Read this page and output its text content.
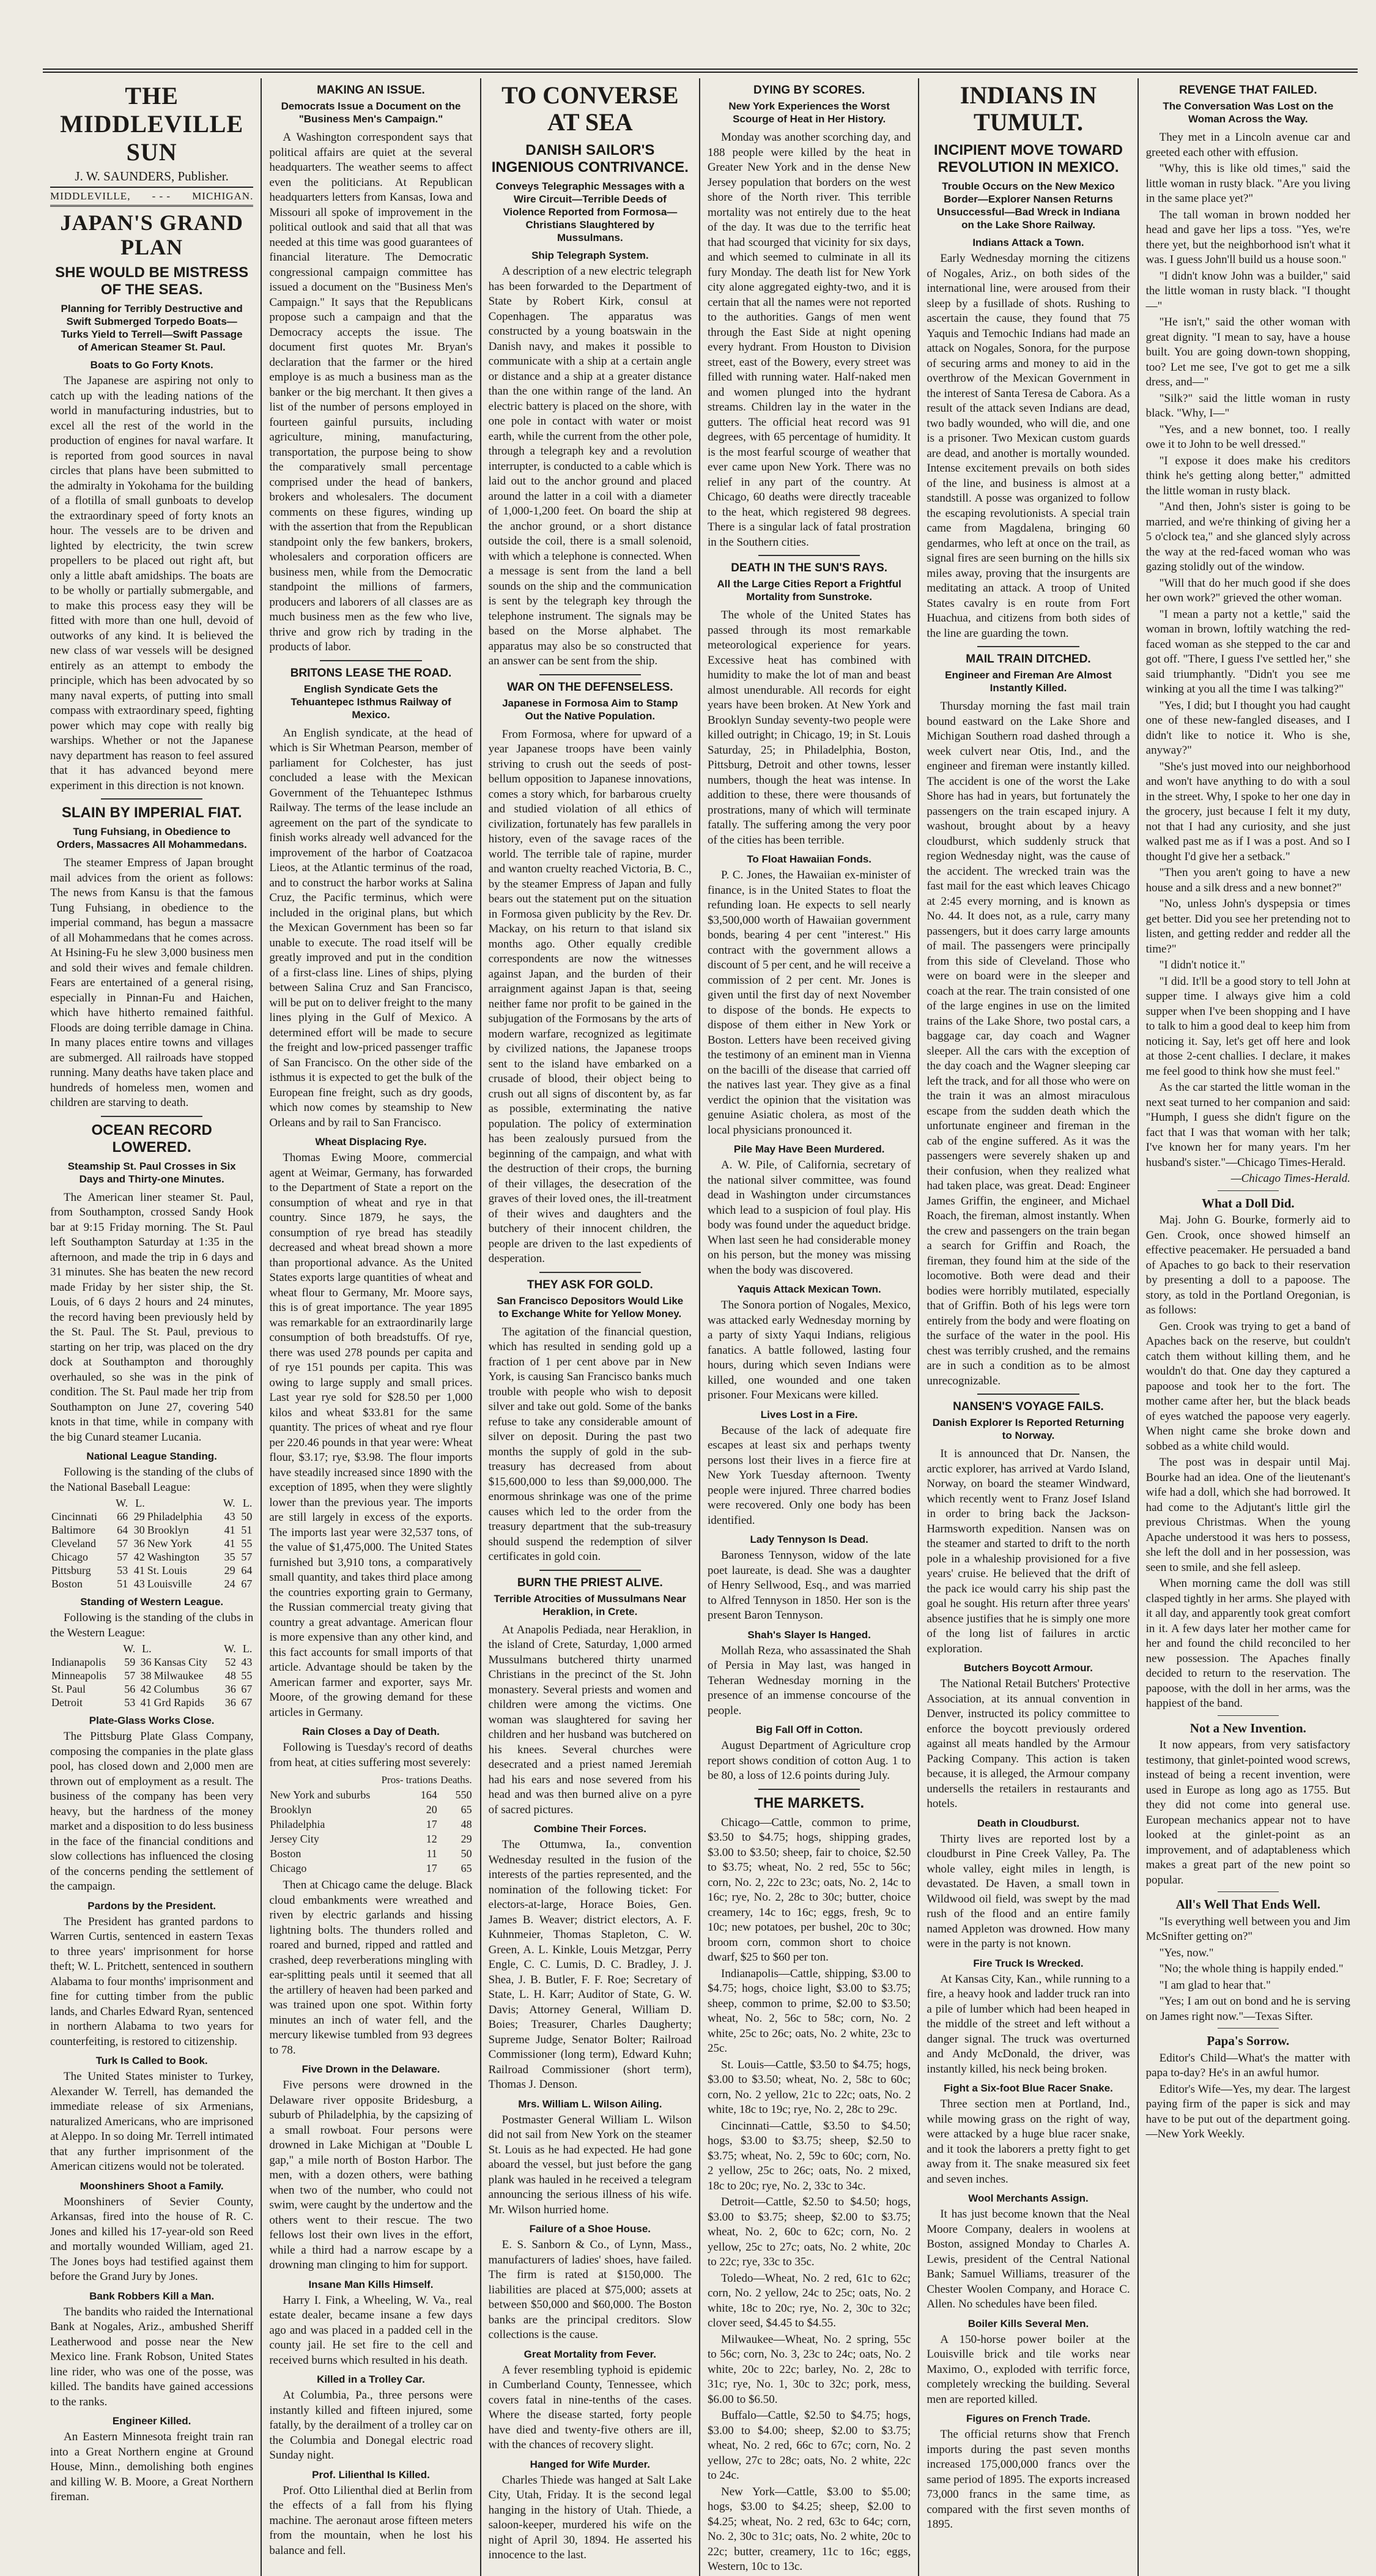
THE MIDDLEVILLE SUN
J. W. SAUNDERS, Publisher.
MIDDLEVILLE, - - - MICHIGAN.
JAPAN'S GRAND PLAN
SHE WOULD BE MISTRESS OF THE SEAS.
Planning for Terribly Destructive and Swift Submerged Torpedo Boats—Turks Yield to Terrell—Swift Passage of American Steamer St. Paul.
Boats to Go Forty Knots.

The Japanese are aspiring not only to catch up with the leading nations of the world in manufacturing industries, but to excel all the rest of the world in the production of engines for naval warfare. It is reported from good sources in naval circles that plans have been submitted to the admiralty in Yokohama for the building of a flotilla of small gunboats to develop the extraordinary speed of forty knots an hour. The vessels are to be driven and lighted by electricity, the twin screw propellers to be placed out right aft, but only a little abaft amidships. The boats are to be wholly or partially submergable, and to make this process easy they will be fitted with more than one hull, devoid of outworks of any kind. It is believed the new class of war vessels will be designed entirely as an attempt to embody the principle, which has been advocated by so many naval experts, of putting into small compass with extraordinary speed, fighting power which may cope with really big warships. Whether or not the Japanese navy department has reason to feel assured that it has advanced beyond mere experiment in this direction is not known.

SLAIN BY IMPERIAL FIAT.
Tung Fuhsiang, in Obedience to Orders, Massacres All Mohammedans.

The steamer Empress of Japan brought mail advices from the orient as follows: The news from Kansu is that the famous Tung Fuhsiang, in obedience to the imperial command, has begun a massacre of all Mohammedans that he comes across. At Hsining-Fu he slew 3,000 business men and sold their wives and female children. Fears are entertained of a general rising, especially in Pinnan-Fu and Haichen, which have hitherto remained faithful. Floods are doing terrible damage in China. In many places entire towns and villages are submerged. All railroads have stopped running. Many deaths have taken place and hundreds of homeless men, women and children are starving to death.

OCEAN RECORD LOWERED.
Steamship St. Paul Crosses in Six Days and Thirty-one Minutes.

The American liner steamer St. Paul, from Southampton, crossed Sandy Hook bar at 9:15 Friday morning. The St. Paul left Southampton Saturday at 1:35 in the afternoon, and made the trip in 6 days and 31 minutes. She has beaten the new record made Friday by her sister ship, the St. Louis, of 6 days 2 hours and 24 minutes, the record having been previously held by the St. Paul. The St. Paul, previous to starting on her trip, was placed on the dry dock at Southampton and thoroughly overhauled, so she was in the pink of condition. The St. Paul made her trip from Southampton on June 27, covering 540 knots in that time, while in company with the big Cunard steamer Lucania.

National League Standing.

Following is the standing of the clubs of the National Baseball League:

	W.	L.		W.	L.
Cincinnati	66	29	Philadelphia	43	50
Baltimore	64	30	Brooklyn	41	51
Cleveland	57	36	New York	41	55
Chicago	57	42	Washington	35	57
Pittsburg	53	41	St. Louis	29	64
Boston	51	43	Louisville	24	67
Standing of Western League.

Following is the standing of the clubs in the Western League:

	W.	L.		W.	L.
Indianapolis	59	36	Kansas City	52	43
Minneapolis	57	38	Milwaukee	48	55
St. Paul	56	42	Columbus	36	67
Detroit	53	41	Grd Rapids	36	67
Plate-Glass Works Close.

The Pittsburg Plate Glass Company, composing the companies in the plate glass pool, has closed down and 2,000 men are thrown out of employment as a result. The business of the company has been very heavy, but the hardness of the money market and a disposition to do less business in the face of the financial conditions and slow collections has influenced the closing of the concerns pending the settlement of the campaign.

Pardons by the President.

The President has granted pardons to Warren Curtis, sentenced in eastern Texas to three years' imprisonment for horse theft; W. L. Pritchett, sentenced in southern Alabama to four months' imprisonment and fine for cutting timber from the public lands, and Charles Edward Ryan, sentenced in northern Alabama to two years for counterfeiting, is restored to citizenship.

Turk Is Called to Book.

The United States minister to Turkey, Alexander W. Terrell, has demanded the immediate release of six Armenians, naturalized Americans, who are imprisoned at Aleppo. In so doing Mr. Terrell intimated that any further imprisonment of the American citizens would not be tolerated.

Moonshiners Shoot a Family.

Moonshiners of Sevier County, Arkansas, fired into the house of R. C. Jones and killed his 17-year-old son Reed and mortally wounded William, aged 21. The Jones boys had testified against them before the Grand Jury by Jones.

Bank Robbers Kill a Man.

The bandits who raided the International Bank at Nogales, Ariz., ambushed Sheriff Leatherwood and posse near the New Mexico line. Frank Robson, United States line rider, who was one of the posse, was killed. The bandits have gained accessions to the ranks.

Engineer Killed.

An Eastern Minnesota freight train ran into a Great Northern engine at Ground House, Minn., demolishing both engines and killing W. B. Moore, a Great Northern fireman.

MAKING AN ISSUE.
Democrats Issue a Document on the "Business Men's Campaign."

A Washington correspondent says that political affairs are quiet at the several headquarters. The weather seems to affect even the politicians. At Republican headquarters letters from Kansas, Iowa and Missouri all spoke of improvement in the political outlook and said that all that was needed at this time was good guarantees of financial literature. The Democratic congressional campaign committee has issued a document on the "Business Men's Campaign." It says that the Republicans propose such a campaign and that the Democracy accepts the issue. The document first quotes Mr. Bryan's declaration that the farmer or the hired employe is as much a business man as the banker or the big merchant. It then gives a list of the number of persons employed in fourteen gainful pursuits, including agriculture, mining, manufacturing, transportation, the purpose being to show the comparatively small percentage comprised under the head of bankers, brokers and wholesalers. The document comments on these figures, winding up with the assertion that from the Republican standpoint only the few bankers, brokers, wholesalers and corporation officers are business men, while from the Democratic standpoint the millions of farmers, producers and laborers of all classes are as much business men as the few who live, thrive and grow rich by trading in the products of labor.

BRITONS LEASE THE ROAD.
English Syndicate Gets the Tehuantepec Isthmus Railway of Mexico.

An English syndicate, at the head of which is Sir Whetman Pearson, member of parliament for Colchester, has just concluded a lease with the Mexican Government of the Tehuantepec Isthmus Railway. The terms of the lease include an agreement on the part of the syndicate to finish works already well advanced for the improvement of the harbor of Coatzacoa Lieos, at the Atlantic terminus of the road, and to construct the harbor works at Salina Cruz, the Pacific terminus, which were included in the original plans, but which the Mexican Government has been so far unable to execute. The road itself will be greatly improved and put in the condition of a first-class line. Lines of ships, plying between Salina Cruz and San Francisco, will be put on to deliver freight to the many lines plying in the Gulf of Mexico. A determined effort will be made to secure the freight and low-priced passenger traffic of San Francisco. On the other side of the isthmus it is expected to get the bulk of the European fine freight, such as dry goods, which now comes by steamship to New Orleans and by rail to San Francisco.

Wheat Displacing Rye.

Thomas Ewing Moore, commercial agent at Weimar, Germany, has forwarded to the Department of State a report on the consumption of wheat and rye in that country. Since 1879, he says, the consumption of rye bread has steadily decreased and wheat bread shown a more than proportional advance. As the United States exports large quantities of wheat and wheat flour to Germany, Mr. Moore says, this is of great importance. The year 1895 was remarkable for an extraordinarily large consumption of both breadstuffs. Of rye, there was used 278 pounds per capita and of rye 151 pounds per capita. This was owing to large supply and small prices. Last year rye sold for $28.50 per 1,000 kilos and wheat $33.81 for the same quantity. The prices of wheat and rye flour per 220.46 pounds in that year were: Wheat flour, $3.17; rye, $3.98. The flour imports have steadily increased since 1890 with the exception of 1895, when they were slightly lower than the previous year. The imports are still largely in excess of the exports. The imports last year were 32,537 tons, of the value of $1,475,000. The United States furnished but 3,910 tons, a comparatively small quantity, and takes third place among the countries exporting grain to Germany, the Russian commercial treaty giving that country a great advantage. American flour is more expensive than any other kind, and this fact accounts for small imports of that article. Advantage should be taken by the American farmer and exporter, says Mr. Moore, of the growing demand for these articles in Germany.

Rain Closes a Day of Death.

Following is Tuesday's record of deaths from heat, at cities suffering most severely:

	Pros- trations	Deaths.
New York and suburbs	164	550
Brooklyn	20	65
Philadelphia	17	48
Jersey City	12	29
Boston	11	50
Chicago	17	65

Then at Chicago came the deluge. Black cloud embankments were wreathed and riven by electric garlands and hissing lightning bolts. The thunders rolled and roared and burned, ripped and rattled and crashed, deep reverberations mingling with ear-splitting peals until it seemed that all the artillery of heaven had been parked and was trained upon one spot. Within forty minutes an inch of water fell, and the mercury likewise tumbled from 93 degrees to 78.

Five Drown in the Delaware.

Five persons were drowned in the Delaware river opposite Bridesburg, a suburb of Philadelphia, by the capsizing of a small rowboat. Four persons were drowned in Lake Michigan at "Double L gap," a mile north of Boston Harbor. The men, with a dozen others, were bathing when two of the number, who could not swim, were caught by the undertow and the others went to their rescue. The two fellows lost their own lives in the effort, while a third had a narrow escape by a drowning man clinging to him for support.

Insane Man Kills Himself.

Harry I. Fink, a Wheeling, W. Va., real estate dealer, became insane a few days ago and was placed in a padded cell in the county jail. He set fire to the cell and received burns which resulted in his death.

Killed in a Trolley Car.

At Columbia, Pa., three persons were instantly killed and fifteen injured, some fatally, by the derailment of a trolley car on the Columbia and Donegal electric road Sunday night.

Prof. Lilienthal Is Killed.

Prof. Otto Lilienthal died at Berlin from the effects of a fall from his flying machine. The aeronaut arose fifteen meters from the mountain, when he lost his balance and fell.

TO CONVERSE AT SEA
DANISH SAILOR'S INGENIOUS CONTRIVANCE.
Conveys Telegraphic Messages with a Wire Circuit—Terrible Deeds of Violence Reported from Formosa—Christians Slaughtered by Mussulmans.
Ship Telegraph System.

A description of a new electric telegraph has been forwarded to the Department of State by Robert Kirk, consul at Copenhagen. The apparatus was constructed by a young boatswain in the Danish navy, and makes it possible to communicate with a ship at a certain angle or distance and a ship at a greater distance than the one within range of the land. An electric battery is placed on the shore, with one pole in contact with water or moist earth, while the current from the other pole, through a telegraph key and a revolution interrupter, is conducted to a cable which is laid out to the anchor ground and placed around the latter in a coil with a diameter of 1,000-1,200 feet. On board the ship at the anchor ground, or a short distance outside the coil, there is a small solenoid, with which a telephone is connected. When a message is sent from the land a bell sounds on the ship and the communication is sent by the telegraph key through the telephone instrument. The signals may be based on the Morse alphabet. The apparatus may also be so constructed that an answer can be sent from the ship.

WAR ON THE DEFENSELESS.
Japanese in Formosa Aim to Stamp Out the Native Population.

From Formosa, where for upward of a year Japanese troops have been vainly striving to crush out the seeds of post-bellum opposition to Japanese innovations, comes a story which, for barbarous cruelty and studied violation of all ethics of civilization, fortunately has few parallels in history, even of the savage races of the world. The terrible tale of rapine, murder and wanton cruelty reached Victoria, B. C., by the steamer Empress of Japan and fully bears out the statement put on the situation in Formosa given publicity by the Rev. Dr. Mackay, on his return to that island six months ago. Other equally credible correspondents are now the witnesses against Japan, and the burden of their arraignment against Japan is that, seeing neither fame nor profit to be gained in the subjugation of the Formosans by the arts of modern warfare, recognized as legitimate by civilized nations, the Japanese troops sent to the island have embarked on a crusade of blood, their object being to crush out all signs of discontent by, as far as possible, exterminating the native population. The policy of extermination has been zealously pursued from the beginning of the campaign, and what with the destruction of their crops, the burning of their villages, the desecration of the graves of their loved ones, the ill-treatment of their wives and daughters and the butchery of their innocent children, the people are driven to the last expedients of desperation.

THEY ASK FOR GOLD.
San Francisco Depositors Would Like to Exchange White for Yellow Money.

The agitation of the financial question, which has resulted in sending gold up a fraction of 1 per cent above par in New York, is causing San Francisco banks much trouble with people who wish to deposit silver and take out gold. Some of the banks refuse to take any considerable amount of silver on deposit. During the past two months the supply of gold in the sub-treasury has decreased from about $15,600,000 to less than $9,000,000. The enormous shrinkage was one of the prime causes which led to the order from the treasury department that the sub-treasury should suspend the redemption of silver certificates in gold coin.

BURN THE PRIEST ALIVE.
Terrible Atrocities of Mussulmans Near Heraklion, in Crete.

At Anapolis Pediada, near Heraklion, in the island of Crete, Saturday, 1,000 armed Mussulmans butchered thirty unarmed Christians in the precinct of the St. John monastery. Several priests and women and children were among the victims. One woman was slaughtered for saving her children and her husband was butchered on his knees. Several churches were desecrated and a priest named Jeremiah had his ears and nose severed from his head and was then burned alive on a pyre of sacred pictures.

Combine Their Forces.

The Ottumwa, Ia., convention Wednesday resulted in the fusion of the interests of the parties represented, and the nomination of the following ticket: For electors-at-large, Horace Boies, Gen. James B. Weaver; district electors, A. F. Kuhnmeier, Thomas Stapleton, C. W. Green, A. L. Kinkle, Louis Metzgar, Perry Engle, C. C. Lumis, D. C. Bradley, J. J. Shea, J. B. Butler, F. F. Roe; Secretary of State, L. H. Karr; Auditor of State, G. W. Davis; Attorney General, William D. Boies; Treasurer, Charles Daugherty; Supreme Judge, Senator Bolter; Railroad Commissioner (long term), Edward Kuhn; Railroad Commissioner (short term), Thomas J. Denson.

Mrs. William L. Wilson Ailing.

Postmaster General William L. Wilson did not sail from New York on the steamer St. Louis as he had expected. He had gone aboard the vessel, but just before the gang plank was hauled in he received a telegram announcing the serious illness of his wife. Mr. Wilson hurried home.

Failure of a Shoe House.

E. S. Sanborn & Co., of Lynn, Mass., manufacturers of ladies' shoes, have failed. The firm is rated at $150,000. The liabilities are placed at $75,000; assets at between $50,000 and $60,000. The Boston banks are the principal creditors. Slow collections is the cause.

Great Mortality from Fever.

A fever resembling typhoid is epidemic in Cumberland County, Tennessee, which covers fatal in nine-tenths of the cases. Where the disease started, forty people have died and twenty-five others are ill, with the chances of recovery slight.

Hanged for Wife Murder.

Charles Thiede was hanged at Salt Lake City, Utah, Friday. It is the second legal hanging in the history of Utah. Thiede, a saloon-keeper, murdered his wife on the night of April 30, 1894. He asserted his innocence to the last.

DYING BY SCORES.
New York Experiences the Worst Scourge of Heat in Her History.

Monday was another scorching day, and 188 people were killed by the heat in Greater New York and in the dense New Jersey population that borders on the west shore of the North river. This terrible mortality was not entirely due to the heat of the day. It was due to the terrific heat that had scourged that vicinity for six days, and which seemed to culminate in all its fury Monday. The death list for New York city alone aggregated eighty-two, and it is certain that all the names were not reported to the authorities. Gangs of men went through the East Side at night opening every hydrant. From Houston to Division street, east of the Bowery, every street was filled with running water. Half-naked men and women plunged into the hydrant streams. Children lay in the water in the gutters. The official heat record was 91 degrees, with 65 percentage of humidity. It is the most fearful scourge of weather that ever came upon New York. There was no relief in any part of the country. At Chicago, 60 deaths were directly traceable to the heat, which registered 98 degrees. There is a singular lack of fatal prostration in the Southern cities.

DEATH IN THE SUN'S RAYS.
All the Large Cities Report a Frightful Mortality from Sunstroke.

The whole of the United States has passed through its most remarkable meteorological experience for years. Excessive heat has combined with humidity to make the lot of man and beast almost unendurable. All records for eight years have been broken. At New York and Brooklyn Sunday seventy-two people were killed outright; in Chicago, 19; in St. Louis Saturday, 25; in Philadelphia, Boston, Pittsburg, Detroit and other towns, lesser numbers, though the heat was intense. In addition to these, there were thousands of prostrations, many of which will terminate fatally. The suffering among the very poor of the cities has been terrible.

To Float Hawaiian Fonds.

P. C. Jones, the Hawaiian ex-minister of finance, is in the United States to float the refunding loan. He expects to sell nearly $3,500,000 worth of Hawaiian government bonds, bearing 4 per cent "interest." His contract with the government allows a discount of 5 per cent, and he will receive a commission of 2 per cent. Mr. Jones is given until the first day of next November to dispose of the bonds. He expects to dispose of them either in New York or Boston. Letters have been received giving the testimony of an eminent man in Vienna on the bacilli of the disease that carried off the natives last year. They give as a final verdict the opinion that the visitation was genuine Asiatic cholera, as most of the local physicians pronounced it.

Pile May Have Been Murdered.

A. W. Pile, of California, secretary of the national silver committee, was found dead in Washington under circumstances which lead to a suspicion of foul play. His body was found under the aqueduct bridge. When last seen he had considerable money on his person, but the money was missing when the body was discovered.

Yaquis Attack Mexican Town.

The Sonora portion of Nogales, Mexico, was attacked early Wednesday morning by a party of sixty Yaqui Indians, religious fanatics. A battle followed, lasting four hours, during which seven Indians were killed, one wounded and one taken prisoner. Four Mexicans were killed.

Lives Lost in a Fire.

Because of the lack of adequate fire escapes at least six and perhaps twenty persons lost their lives in a fierce fire at New York Tuesday afternoon. Twenty people were injured. Three charred bodies were recovered. Only one body has been identified.

Lady Tennyson Is Dead.

Baroness Tennyson, widow of the late poet laureate, is dead. She was a daughter of Henry Sellwood, Esq., and was married to Alfred Tennyson in 1850. Her son is the present Baron Tennyson.

Shah's Slayer Is Hanged.

Mollah Reza, who assassinated the Shah of Persia in May last, was hanged in Teheran Wednesday morning in the presence of an immense concourse of the people.

Big Fall Off in Cotton.

August Department of Agriculture crop report shows condition of cotton Aug. 1 to be 80, a loss of 12.6 points during July.

THE MARKETS.

Chicago—Cattle, common to prime, $3.50 to $4.75; hogs, shipping grades, $3.00 to $3.50; sheep, fair to choice, $2.50 to $3.75; wheat, No. 2 red, 55c to 56c; corn, No. 2, 22c to 23c; oats, No. 2, 14c to 16c; rye, No. 2, 28c to 30c; butter, choice creamery, 14c to 16c; eggs, fresh, 9c to 10c; new potatoes, per bushel, 20c to 30c; broom corn, common short to choice dwarf, $25 to $60 per ton.

Indianapolis—Cattle, shipping, $3.00 to $4.75; hogs, choice light, $3.00 to $3.75; sheep, common to prime, $2.00 to $3.50; wheat, No. 2, 56c to 58c; corn, No. 2 white, 25c to 26c; oats, No. 2 white, 23c to 25c.

St. Louis—Cattle, $3.50 to $4.75; hogs, $3.00 to $3.50; wheat, No. 2, 58c to 60c; corn, No. 2 yellow, 21c to 22c; oats, No. 2 white, 18c to 19c; rye, No. 2, 28c to 29c.

Cincinnati—Cattle, $3.50 to $4.50; hogs, $3.00 to $3.75; sheep, $2.50 to $3.75; wheat, No. 2, 59c to 60c; corn, No. 2 yellow, 25c to 26c; oats, No. 2 mixed, 18c to 20c; rye, No. 2, 33c to 34c.

Detroit—Cattle, $2.50 to $4.50; hogs, $3.00 to $3.75; sheep, $2.00 to $3.75; wheat, No. 2, 60c to 62c; corn, No. 2 yellow, 25c to 27c; oats, No. 2 white, 20c to 22c; rye, 33c to 35c.

Toledo—Wheat, No. 2 red, 61c to 62c; corn, No. 2 yellow, 24c to 25c; oats, No. 2 white, 18c to 20c; rye, No. 2, 30c to 32c; clover seed, $4.45 to $4.55.

Milwaukee—Wheat, No. 2 spring, 55c to 56c; corn, No. 3, 23c to 24c; oats, No. 2 white, 20c to 22c; barley, No. 2, 28c to 31c; rye, No. 1, 30c to 32c; pork, mess, $6.00 to $6.50.

Buffalo—Cattle, $2.50 to $4.75; hogs, $3.00 to $4.00; sheep, $2.00 to $3.75; wheat, No. 2 red, 66c to 67c; corn, No. 2 yellow, 27c to 28c; oats, No. 2 white, 22c to 24c.

New York—Cattle, $3.00 to $5.00; hogs, $3.00 to $4.25; sheep, $2.00 to $4.25; wheat, No. 2 red, 63c to 64c; corn, No. 2, 30c to 31c; oats, No. 2 white, 20c to 22c; butter, creamery, 11c to 16c; eggs, Western, 10c to 13c.

INDIANS IN TUMULT.
INCIPIENT MOVE TOWARD REVOLUTION IN MEXICO.
Trouble Occurs on the New Mexico Border—Explorer Nansen Returns Unsuccessful—Bad Wreck in Indiana on the Lake Shore Railway.
Indians Attack a Town.

Early Wednesday morning the citizens of Nogales, Ariz., on both sides of the international line, were aroused from their sleep by a fusillade of shots. Rushing to ascertain the cause, they found that 75 Yaquis and Temochic Indians had made an attack on Nogales, Sonora, for the purpose of securing arms and money to aid in the overthrow of the Mexican Government in the interest of Santa Teresa de Cabora. As a result of the attack seven Indians are dead, two badly wounded, who will die, and one is a prisoner. Two Mexican custom guards are dead, and another is mortally wounded. Intense excitement prevails on both sides of the line, and business is almost at a standstill. A posse was organized to follow the escaping revolutionists. A special train came from Magdalena, bringing 60 gendarmes, who left at once on the trail, as signal fires are seen burning on the hills six miles away, proving that the insurgents are meditating an attack. A troop of United States cavalry is en route from Fort Huachua, and citizens from both sides of the line are guarding the town.

MAIL TRAIN DITCHED.
Engineer and Fireman Are Almost Instantly Killed.

Thursday morning the fast mail train bound eastward on the Lake Shore and Michigan Southern road dashed through a week culvert near Otis, Ind., and the engineer and fireman were instantly killed. The accident is one of the worst the Lake Shore has had in years, but fortunately the passengers on the train escaped injury. A washout, brought about by a heavy cloudburst, which suddenly struck that region Wednesday night, was the cause of the accident. The wrecked train was the fast mail for the east which leaves Chicago at 2:45 every morning, and is known as No. 44. It does not, as a rule, carry many passengers, but it does carry large amounts of mail. The passengers were principally from this side of Cleveland. Those who were on board were in the sleeper and coach at the rear. The train consisted of one of the large engines in use on the limited trains of the Lake Shore, two postal cars, a baggage car, day coach and Wagner sleeper. All the cars with the exception of the day coach and the Wagner sleeping car left the track, and for all those who were on the train it was an almost miraculous escape from the sudden death which the unfortunate engineer and fireman in the cab of the engine suffered. As it was the passengers were severely shaken up and their confusion, when they realized what had taken place, was great. Dead: Engineer James Griffin, the engineer, and Michael Roach, the fireman, almost instantly. When the crew and passengers on the train began a search for Griffin and Roach, the fireman, they found him at the side of the locomotive. Both were dead and their bodies were horribly mutilated, especially that of Griffin. Both of his legs were torn entirely from the body and were floating on the surface of the water in the pool. His chest was terribly crushed, and the remains are in such a condition as to be almost unrecognizable.

NANSEN'S VOYAGE FAILS.
Danish Explorer Is Reported Returning to Norway.

It is announced that Dr. Nansen, the arctic explorer, has arrived at Vardo Island, Norway, on board the steamer Windward, which recently went to Franz Josef Island in order to bring back the Jackson-Harmsworth expedition. Nansen was on the steamer and started to drift to the north pole in a whaleship provisioned for a five years' cruise. He believed that the drift of the pack ice would carry his ship past the goal he sought. His return after three years' absence justifies that he is simply one more of the long list of failures in arctic exploration.

Butchers Boycott Armour.

The National Retail Butchers' Protective Association, at its annual convention in Denver, instructed its policy committee to enforce the boycott previously ordered against all meats handled by the Armour Packing Company. This action is taken because, it is alleged, the Armour company undersells the retailers in restaurants and hotels.

Death in Cloudburst.

Thirty lives are reported lost by a cloudburst in Pine Creek Valley, Pa. The whole valley, eight miles in length, is devastated. De Haven, a small town in Wildwood oil field, was swept by the mad rush of the flood and an entire family named Appleton was drowned. How many were in the party is not known.

Fire Truck Is Wrecked.

At Kansas City, Kan., while running to a fire, a heavy hook and ladder truck ran into a pile of lumber which had been heaped in the middle of the street and left without a danger signal. The truck was overturned and Andy McDonald, the driver, was instantly killed, his neck being broken.

Fight a Six-foot Blue Racer Snake.

Three section men at Portland, Ind., while mowing grass on the right of way, were attacked by a huge blue racer snake, and it took the laborers a pretty fight to get away from it. The snake measured six feet and seven inches.

Wool Merchants Assign.

It has just become known that the Neal Moore Company, dealers in woolens at Boston, assigned Monday to Charles A. Lewis, president of the Central National Bank; Samuel Williams, treasurer of the Chester Woolen Company, and Horace C. Allen. No schedules have been filed.

Boiler Kills Several Men.

A 150-horse power boiler at the Louisville brick and tile works near Maximo, O., exploded with terrific force, completely wrecking the building. Several men are reported killed.

Figures on French Trade.

The official returns show that French imports during the past seven months increased 175,000,000 francs over the same period of 1895. The exports increased 73,000 francs in the same time, as compared with the first seven months of 1895.

REVENGE THAT FAILED.
The Conversation Was Lost on the Woman Across the Way.

They met in a Lincoln avenue car and greeted each other with effusion.

"Why, this is like old times," said the little woman in rusty black. "Are you living in the same place yet?"

The tall woman in brown nodded her head and gave her lips a toss. "Yes, we're there yet, but the neighborhood isn't what it was. I guess John'll build us a house soon."

"I didn't know John was a builder," said the little woman in rusty black. "I thought—"

"He isn't," said the other woman with great dignity. "I mean to say, have a house built. You are going down-town shopping, too? Let me see, I've got to get me a silk dress, and—"

"Silk?" said the little woman in rusty black. "Why, I—"

"Yes, and a new bonnet, too. I really owe it to John to be well dressed."

"I expose it does make his creditors think he's getting along better," admitted the little woman in rusty black.

"And then, John's sister is going to be married, and we're thinking of giving her a 5 o'clock tea," and she glanced slyly across the way at the red-faced woman who was gazing stolidly out of the window.

"Will that do her much good if she does her own work?" grieved the other woman.

"I mean a party not a kettle," said the woman in brown, loftily watching the red-faced woman as she stepped to the car and got off. "There, I guess I've settled her," she said triumphantly. "Didn't you see me winking at you all the time I was talking?"

"Yes, I did; but I thought you had caught one of these new-fangled diseases, and I didn't like to notice it. Who is she, anyway?"

"She's just moved into our neighborhood and won't have anything to do with a soul in the street. Why, I spoke to her one day in the grocery, just because I felt it my duty, not that I had any curiosity, and she just walked past me as if I was a post. And so I thought I'd give her a setback."

"Then you aren't going to have a new house and a silk dress and a new bonnet?"

"No, unless John's dyspepsia or times get better. Did you see her pretending not to listen, and getting redder and redder all the time?"

"I didn't notice it."

"I did. It'll be a good story to tell John at supper time. I always give him a cold supper when I've been shopping and I have to talk to him a good deal to keep him from noticing it. Say, let's get off here and look at those 2-cent challies. I declare, it makes me feel good to think how she must feel."

As the car started the little woman in the next seat turned to her companion and said: "Humph, I guess she didn't figure on the fact that I was that woman with her talk; I've known her for many years. I'm her husband's sister."—Chicago Times-Herald.

—Chicago Times-Herald.
What a Doll Did.

Maj. John G. Bourke, formerly aid to Gen. Crook, once showed himself an effective peacemaker. He persuaded a band of Apaches to go back to their reservation by presenting a doll to a papoose. The story, as told in the Portland Oregonian, is as follows:

Gen. Crook was trying to get a band of Apaches back on the reserve, but couldn't catch them without killing them, and he wouldn't do that. One day they captured a papoose and took her to the fort. The mother came after her, but the black beads of eyes watched the papoose very eagerly. When night came she broke down and sobbed as a white child would.

The post was in despair until Maj. Bourke had an idea. One of the lieutenant's wife had a doll, which she had borrowed. It had come to the Adjutant's little girl the previous Christmas. When the young Apache understood it was hers to possess, she left the doll and in her possession, was seen to smile, and she fell asleep.

When morning came the doll was still clasped tightly in her arms. She played with it all day, and apparently took great comfort in it. A few days later her mother came for her and found the child reconciled to her new possession. The Apaches finally decided to return to the reservation. The papoose, with the doll in her arms, was the happiest of the band.

Not a New Invention.

It now appears, from very satisfactory testimony, that ginlet-pointed wood screws, instead of being a recent invention, were used in Europe as long ago as 1755. But they did not come into general use. European mechanics appear not to have looked at the ginlet-point as an improvement, and of adaptableness which makes a great part of the new point so popular.

All's Well That Ends Well.

"Is everything well between you and Jim McSnifter getting on?"

"Yes, now."

"No; the whole thing is happily ended."

"I am glad to hear that."

"Yes; I am out on bond and he is serving on James right now."—Texas Sifter.

Papa's Sorrow.

Editor's Child—What's the matter with papa to-day? He's in an awful humor.

Editor's Wife—Yes, my dear. The largest paying firm of the paper is sick and may have to be put out of the department going.—New York Weekly.
